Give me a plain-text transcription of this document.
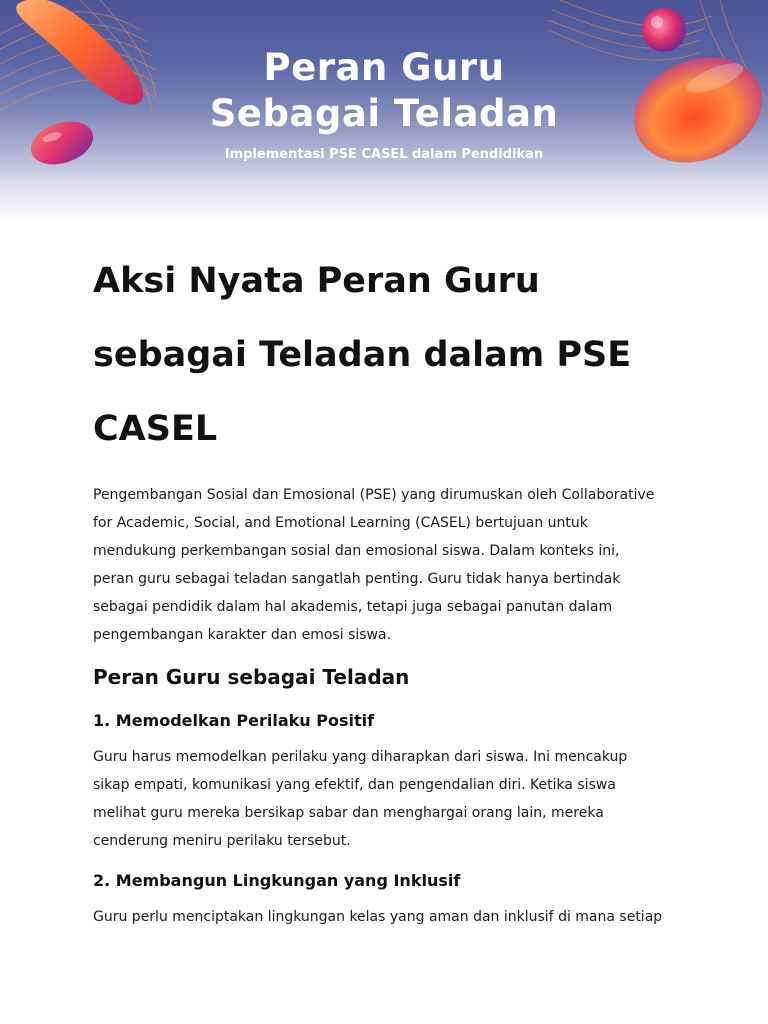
Peran Guru
Sebagai Teladan
Implementasi PSE CASEL dalam Pendidikan
Aksi Nyata Peran Guru
sebagai Teladan dalam PSE
CASEL

Pengembangan Sosial dan Emosional (PSE) yang dirumuskan oleh Collaborative
for Academic, Social, and Emotional Learning (CASEL) bertujuan untuk
mendukung perkembangan sosial dan emosional siswa. Dalam konteks ini,
peran guru sebagai teladan sangatlah penting. Guru tidak hanya bertindak
sebagai pendidik dalam hal akademis, tetapi juga sebagai panutan dalam
pengembangan karakter dan emosi siswa.

Peran Guru sebagai Teladan
1. Memodelkan Perilaku Positif

Guru harus memodelkan perilaku yang diharapkan dari siswa. Ini mencakup
sikap empati, komunikasi yang efektif, dan pengendalian diri. Ketika siswa
melihat guru mereka bersikap sabar dan menghargai orang lain, mereka
cenderung meniru perilaku tersebut.

2. Membangun Lingkungan yang Inklusif

Guru perlu menciptakan lingkungan kelas yang aman dan inklusif di mana setiap
